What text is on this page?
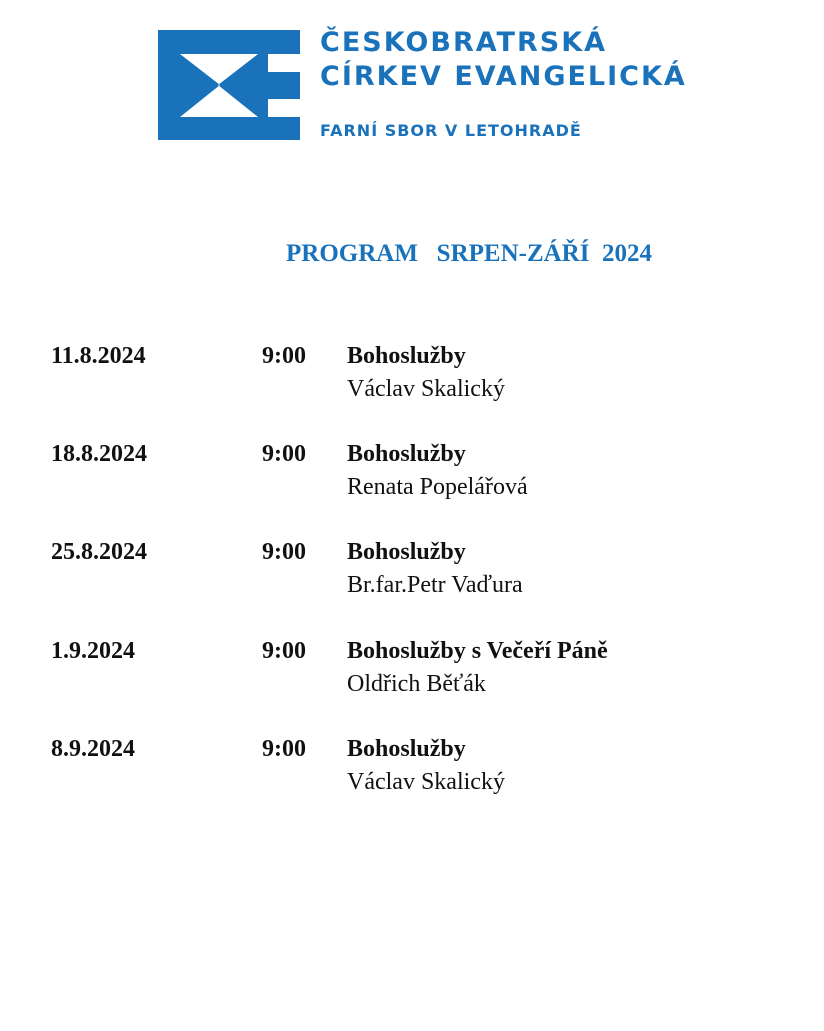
ČESKOBRATRSKÁ
CÍRKEV EVANGELICKÁ
FARNÍ SBOR V LETOHRADĚ
PROGRAM   SRPEN-ZÁŘÍ  2024
11.8.2024	9:00 Bohoslužby
Václav Skalický
18.8.2024	9:00 Bohoslužby
Renata Popelářová
25.8.2024	9:00 Bohoslužby
Br.far.Petr Vaďura
1.9.2024	9:00 Bohoslužby s Večeří Páně
Oldřich Běťák
8.9.2024	9:00 Bohoslužby
Václav Skalický
